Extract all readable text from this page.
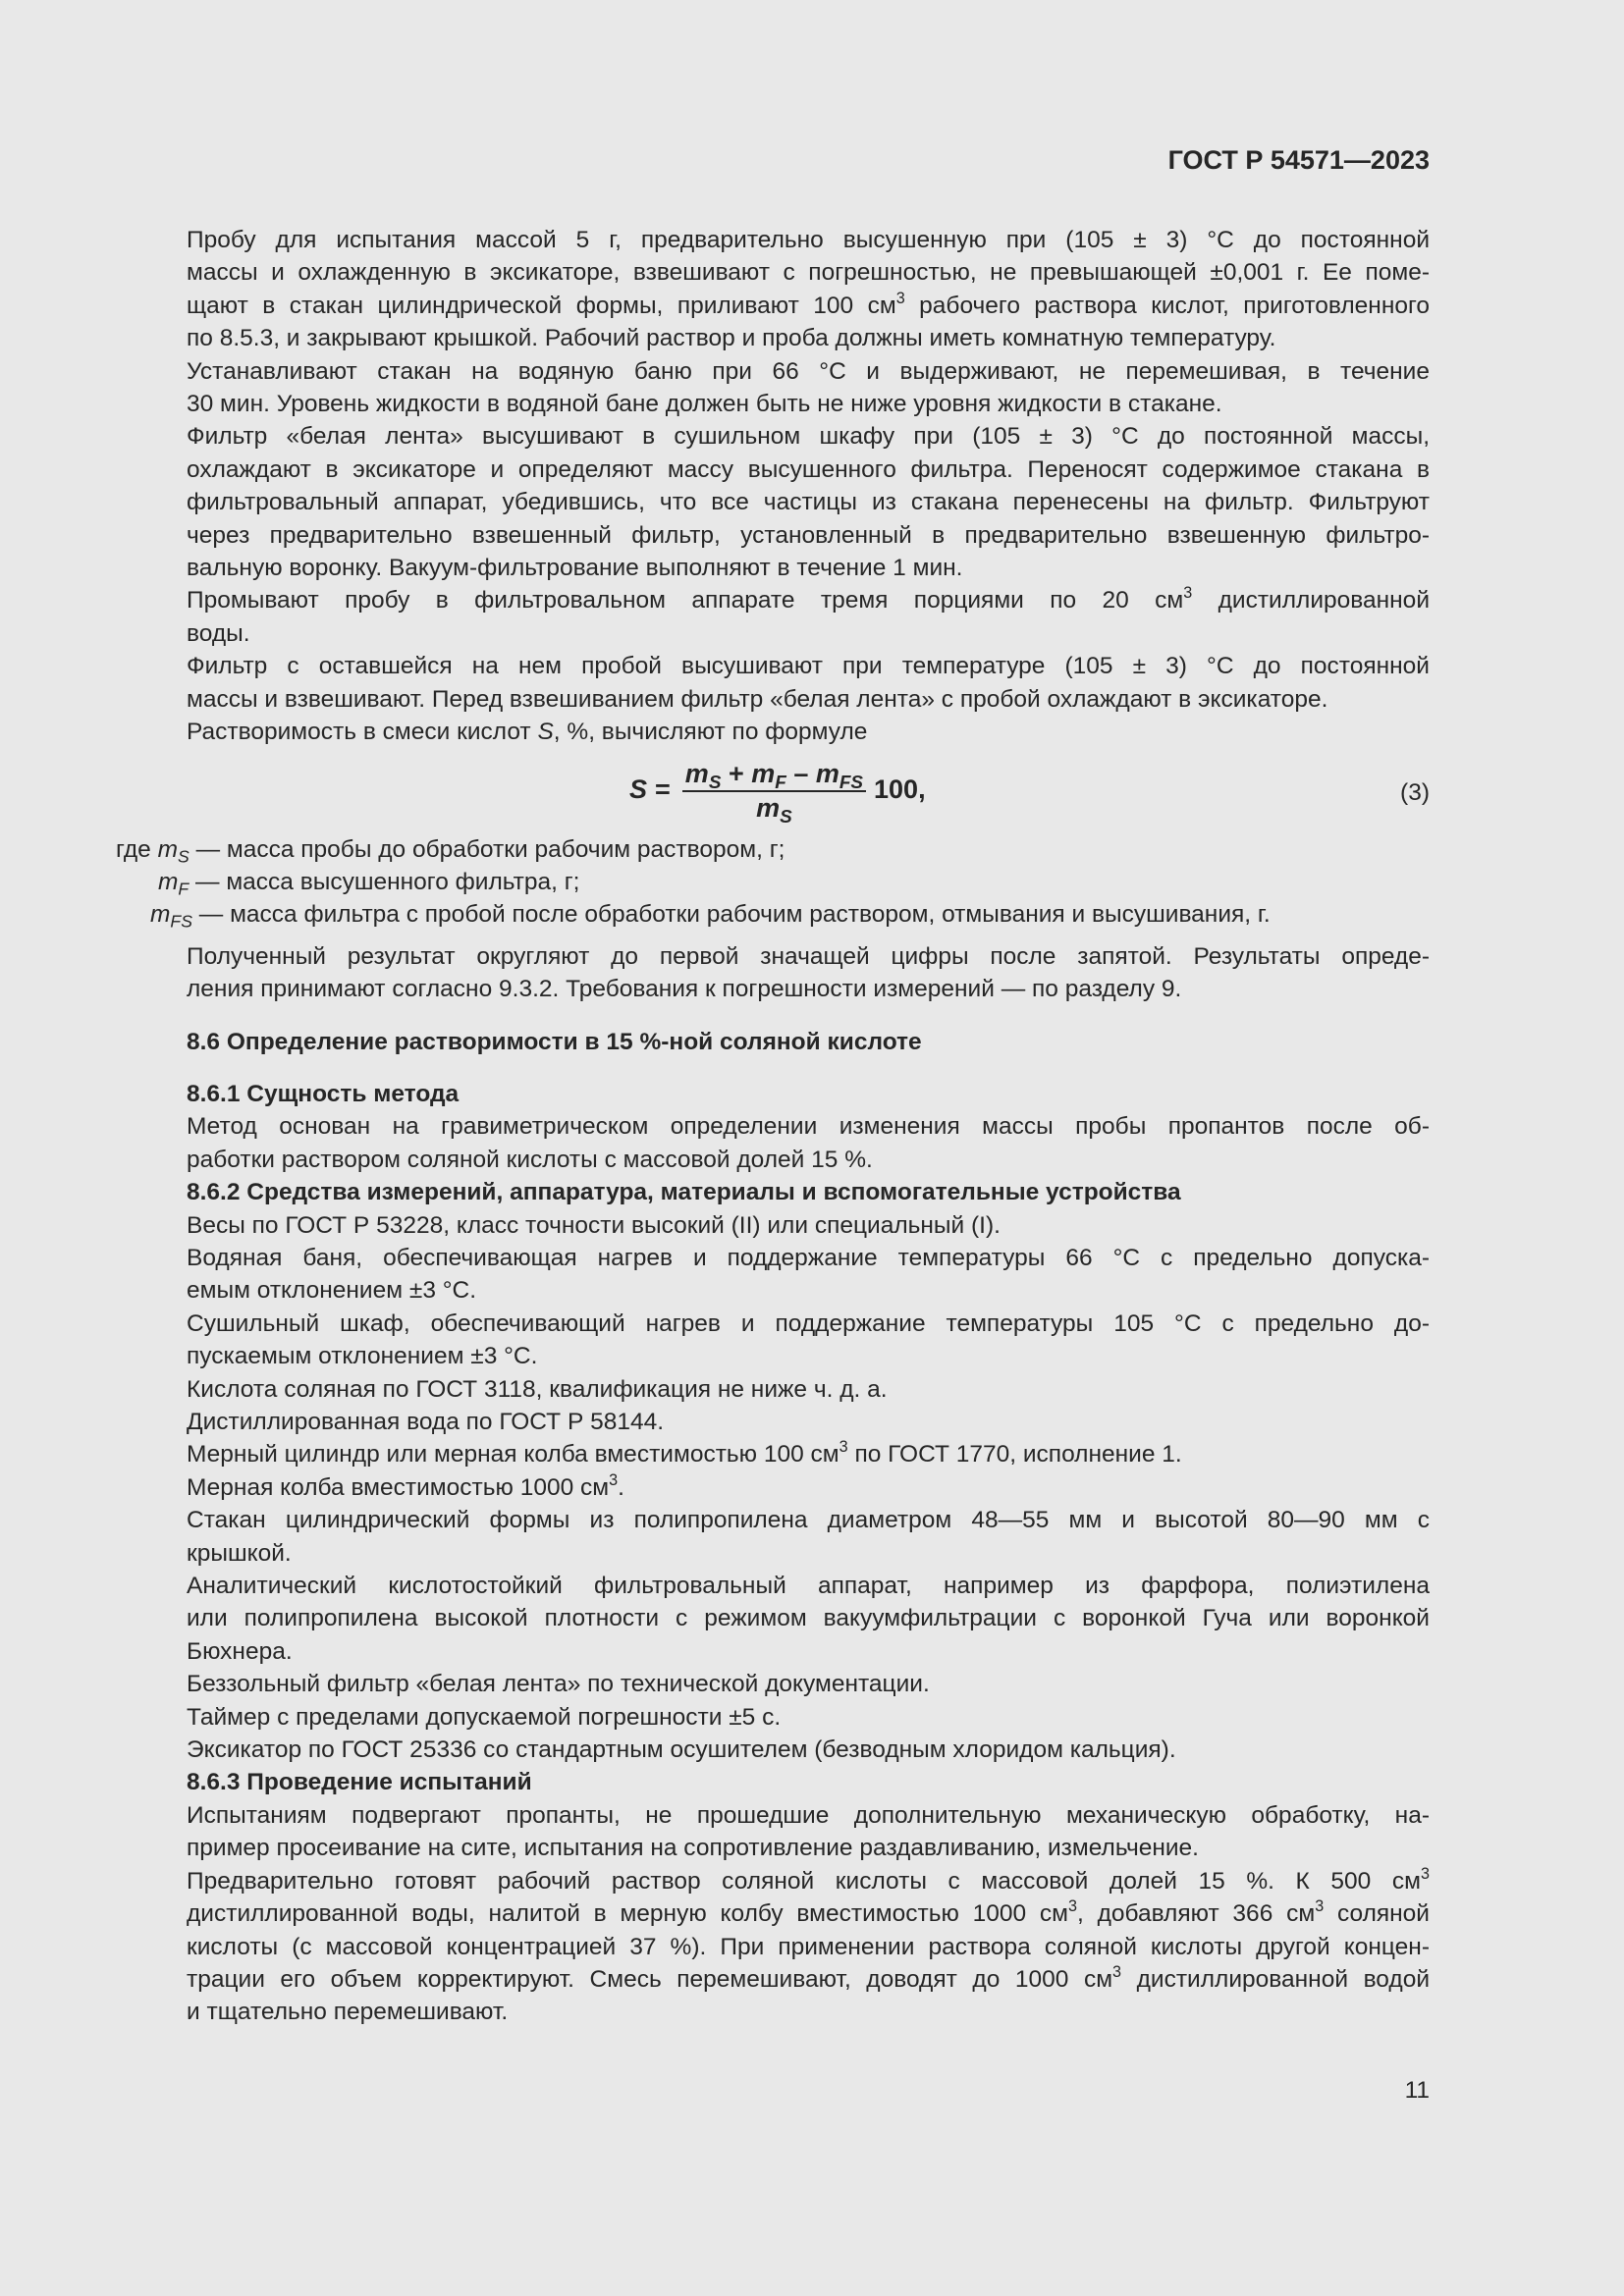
ГОСТ Р 54571—2023

Пробу для испытания массой 5 г, предварительно высушенную при (105 ± 3) °C до постоянной
массы и охлажденную в эксикаторе, взвешивают с погрешностью, не превышающей ±0,001 г. Ее поме-
щают в стакан цилиндрической формы, приливают 100 $см^3$ рабочего раствора кислот, приготовленного
по 8.5.3, и закрывают крышкой. Рабочий раствор и проба должны иметь комнатную температуру.

Устанавливают стакан на водяную баню при 66 °C и выдерживают, не перемешивая, в течение
30 мин. Уровень жидкости в водяной бане должен быть не ниже уровня жидкости в стакане.

Фильтр «белая лента» высушивают в сушильном шкафу при (105 ± 3) °C до постоянной массы,
охлаждают в эксикаторе и определяют массу высушенного фильтра. Переносят содержимое стакана в
фильтровальный аппарат, убедившись, что все частицы из стакана перенесены на фильтр. Фильтруют
через предварительно взвешенный фильтр, установленный в предварительно взвешенную фильтро-
вальную воронку. Вакуум-фильтрование выполняют в течение 1 мин.

Промывают пробу в фильтровальном аппарате тремя порциями по 20 $см^3$ дистиллированной
воды.

Фильтр с оставшейся на нем пробой высушивают при температуре (105 ± 3) °C до постоянной
массы и взвешивают. Перед взвешиванием фильтр «белая лента» с пробой охлаждают в эксикаторе.

Растворимость в смеси кислот S, %, вычисляют по формуле

$S = \frac{m_S + m_F - m_{FS}}{m_S} 100$,	(3)
где $m_S$ — масса пробы до обработки рабочим раствором, г;
$m_F$ — масса высушенного фильтра, г;
$m_{FS}$ — масса фильтра с пробой после обработки рабочим раствором, отмывания и высушивания, г.

Полученный результат округляют до первой значащей цифры после запятой. Результаты опреде-
ления принимают согласно 9.3.2. Требования к погрешности измерений — по разделу 9.

8.6 Определение растворимости в 15 %-ной соляной кислоте

8.6.1 Сущность метода

Метод основан на гравиметрическом определении изменения массы пробы пропантов после об-
работки раствором соляной кислоты с массовой долей 15 %.

8.6.2 Средства измерений, аппаратура, материалы и вспомогательные устройства

Весы по ГОСТ Р 53228, класс точности высокий (II) или специальный (I).

Водяная баня, обеспечивающая нагрев и поддержание температуры 66 °C с предельно допуска-
емым отклонением ±3 °C.

Сушильный шкаф, обеспечивающий нагрев и поддержание температуры 105 °C с предельно до-
пускаемым отклонением ±3 °C.

Кислота соляная по ГОСТ 3118, квалификация не ниже ч. д. а.

Дистиллированная вода по ГОСТ Р 58144.

Мерный цилиндр или мерная колба вместимостью 100 $см^3$ по ГОСТ 1770, исполнение 1.

Мерная колба вместимостью 1000 $см^3$.

Стакан цилиндрический формы из полипропилена диаметром 48—55 мм и высотой 80—90 мм с
крышкой.

Аналитический кислотостойкий фильтровальный аппарат, например из фарфора, полиэтилена
или полипропилена высокой плотности с режимом вакуумфильтрации с воронкой Гуча или воронкой
Бюхнера.

Беззольный фильтр «белая лента» по технической документации.

Таймер с пределами допускаемой погрешности ±5 с.

Эксикатор по ГОСТ 25336 со стандартным осушителем (безводным хлоридом кальция).

8.6.3 Проведение испытаний

Испытаниям подвергают пропанты, не прошедшие дополнительную механическую обработку, на-
пример просеивание на сите, испытания на сопротивление раздавливанию, измельчение.

Предварительно готовят рабочий раствор соляной кислоты с массовой долей 15 %. К 500 $см^3$
дистиллированной воды, налитой в мерную колбу вместимостью 1000 $см^3$, добавляют 366 $см^3$ соляной
кислоты (с массовой концентрацией 37 %). При применении раствора соляной кислоты другой концен-
трации его объем корректируют. Смесь перемешивают, доводят до 1000 $см^3$ дистиллированной водой
и тщательно перемешивают.

11
